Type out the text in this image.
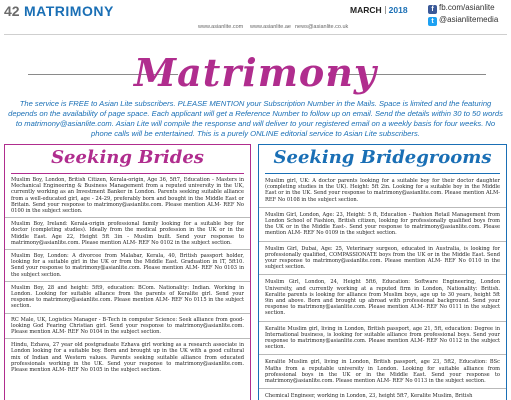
42 MATRIMONY
www.asianlite.com www.asianlite.ae news@asianlite.co.uk
MARCH 2018	f fb.com/asianlite
t @asianlitemedia
Matrimony
The service is FREE to Asian Lite subscribers. PLEASE MENTION your Subscription Number in the Mails. Space is limited and the featuring depends on the availability of page space. Each applicant will get a Reference Number to follow up on email. Send the details within 30 to 50 words to matrimony@asianlite.com. Asian Lite will compile the response and will deliver to your registered email on a weekly basis for four weeks. No phone calls will be entertained. This is a purely ONLINE editorial service to Asian Lite subscribers.
Seeking Brides
Muslim Boy, London, British Citizen, Kerala-origin, Age 36, 5ft7, Education - Masters in Mechanical Engineering & Business Management from a reputed university in the UK, currently working as an Investment Banker in London. Parents seeking suitable alliance from a well-educated girl, age - 24-29, preferably born and bought in the Middle East or Britain. Send your response to matrimony@asianlite.com. Please mention ALM- REF No 0100 in the subject section.
Muslim Boy, Ireland: Kerala-origin professional family looking for a suitable boy for doctor (completing studies). Ideally from the medical profession in the UK or in the Middle East. Age 22, Height 5ft 3in - Muslim built. Send your response to matrimony@asianlite.com. Please mention ALM- REF No 0102 in the subject section.
Muslim Boy, London: A divorcee from Malabar, Kerala, 40, British passport holder, looking for a suitable girl in the UK or from the Middle East. Graduation in IT, 5ft10. Send your response to matrimony@asianlite.com. Please mention ALM- REF No 0103 in the subject section.
Muslim Boy, 28 and height: 5ft9, education: BCom. Nationality: Indian. Working in London. Looking for suitable alliance from the parents of Keralite girl. Send your response to matrimony@asianlite.com. Please mention ALM- REF No 0115 in the subject section.
RC Male, UK, Logistics Manager - B-Tech in computer Science: Seek alliance from good- looking God Fearing Christian girl. Send your response to matrimony@asianlite.com. Please mention ALM- REF No 0104 in the subject section.
Hindu, Ezhava, 27 year old postgraduate Ezhava girl working as a research associate in London looking for a suitable boy. Born and brought up in the UK with a good cultural mix of Indian and Western values. Parents seeking suitable alliance from educated professionals working in the UK. Send your response to matrimony@asianlite.com. Please mention ALM- REF No 0105 in the subject section.
Seeking Bridegrooms
Muslim girl, UK: A doctor parents looking for a suitable boy for their doctor daughter (completing studies in the UK). Height: 5ft 2in. Looking for a suitable boy in the Middle East or in the UK. Send your response to matrimony@asianlite.com. Please mention ALM- REF No 0108 in the subject section.
Muslim Girl, London, Age: 23, Height: 5 ft, Education - Fashion Retail Management from London School of Fashion, British citizen, looking for professionally qualified boys from the UK or in the Middle East-. Send your response to matrimony@asianlite.com. Please mention ALM- REF No 0109 in the subject section.
Muslim Girl, Dubai, Age: 25, Veterinary surgeon, educated in Australia, is looking for professionally qualified, COMPASSIONATE boys from the UK or in the Middle East. Send your response to matrimony@asianlite.com. Please mention ALM- REF No 0110 in the subject section.
Muslim Girl, London, 24, Height 5ft6, Education: Software Engineering, London University, and currently working at a reputed firm in London, Nationality: British. Keralite parents is looking for alliance from Muslim boys, age up to 30 years, height 5ft 9in and above. Born and brought up abroad with professional background. Send your response to matrimony@asianlite.com. Please mention ALM- REF No 0111 in the subject section.
Keralite Muslim girl, living in London, British passport, age 21, 5ft, education: Degree in International business, is looking for suitable alliance from professional boys. Send your response to matrimony@asianlite.com. Please mention ALM- REF No 0112 in the subject section.
Keralite Muslim girl, living in London, British passport, age 23, 5ft2, Education: BSc Maths from a reputable university in London. Looking for suitable alliance from professional boys in the UK or in the Middle East. Send your response to matrimony@asianlite.com. Please mention ALM- REF No 0113 in the subject section.
Chemical Engineer, working in London, 23, height 5ft7, Keralite Muslim, British
